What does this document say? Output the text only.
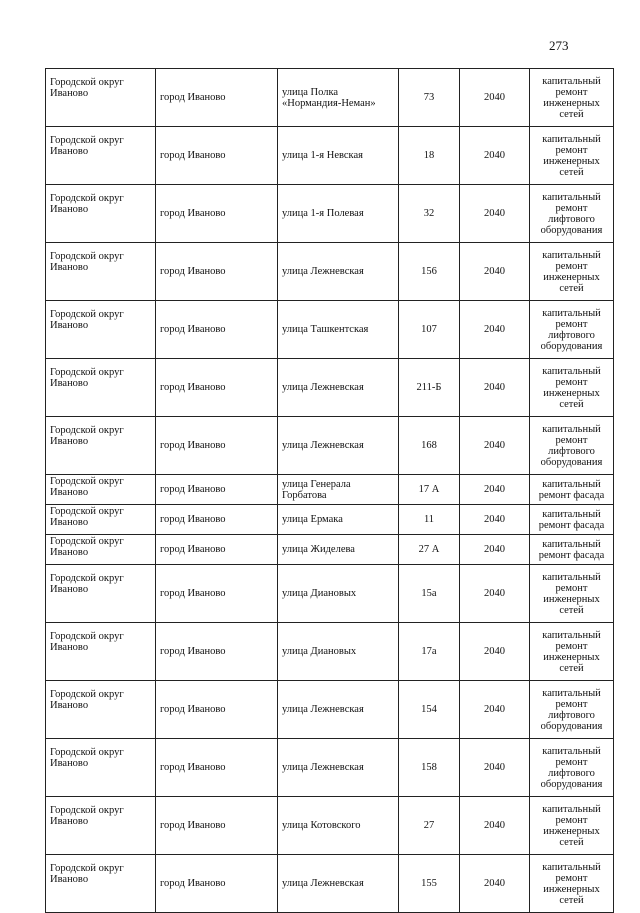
273
Городской округ Иваново	город Иваново	улица Полка «Нормандия-Неман»	73	2040	капитальный ремонт инженерных сетей
Городской округ Иваново	город Иваново	улица 1-я Невская	18	2040	капитальный ремонт инженерных сетей
Городской округ Иваново	город Иваново	улица 1-я Полевая	32	2040	капитальный ремонт лифтового оборудования
Городской округ Иваново	город Иваново	улица Лежневская	156	2040	капитальный ремонт инженерных сетей
Городской округ Иваново	город Иваново	улица Ташкентская	107	2040	капитальный ремонт лифтового оборудования
Городской округ Иваново	город Иваново	улица Лежневская	211-Б	2040	капитальный ремонт инженерных сетей
Городской округ Иваново	город Иваново	улица Лежневская	168	2040	капитальный ремонт лифтового оборудования
Городской округ Иваново	город Иваново	улица Генерала Горбатова	17 А	2040	капитальный ремонт фасада
Городской округ Иваново	город Иваново	улица Ермака	11	2040	капитальный ремонт фасада
Городской округ Иваново	город Иваново	улица Жиделева	27 А	2040	капитальный ремонт фасада
Городской округ Иваново	город Иваново	улица Диановых	15а	2040	капитальный ремонт инженерных сетей
Городской округ Иваново	город Иваново	улица Диановых	17а	2040	капитальный ремонт инженерных сетей
Городской округ Иваново	город Иваново	улица Лежневская	154	2040	капитальный ремонт лифтового оборудования
Городской округ Иваново	город Иваново	улица Лежневская	158	2040	капитальный ремонт лифтового оборудования
Городской округ Иваново	город Иваново	улица Котовского	27	2040	капитальный ремонт инженерных сетей
Городской округ Иваново	город Иваново	улица Лежневская	155	2040	капитальный ремонт инженерных сетей
